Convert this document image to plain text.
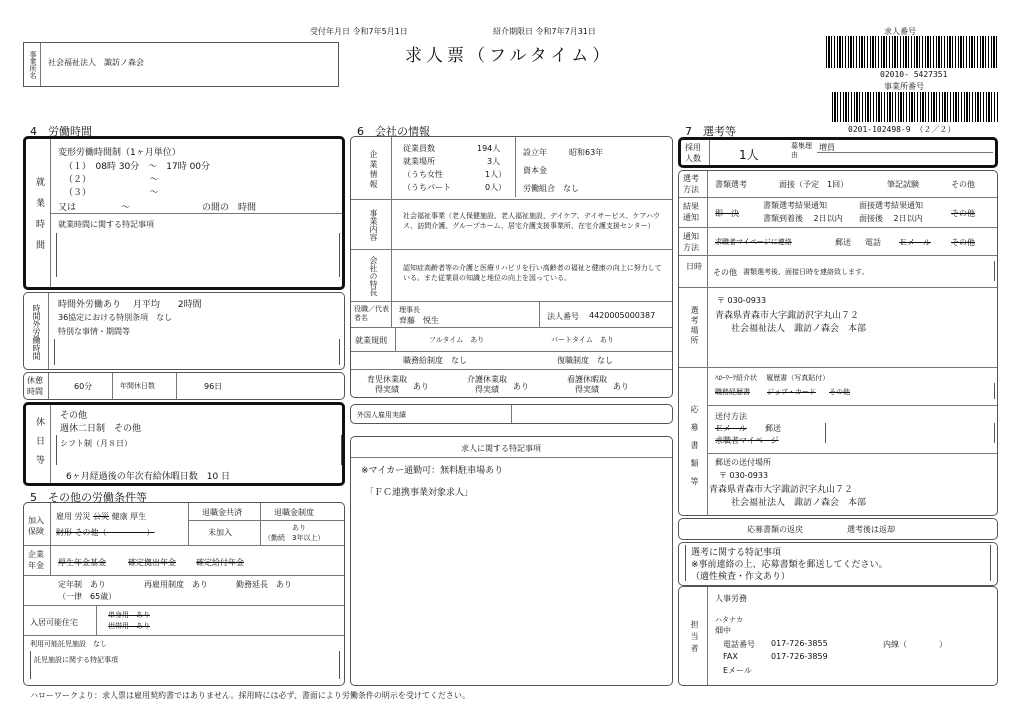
受付年月日 令和7年5月1日	紹介期限日 令和7年7月31日
求人票（フルタイム）
求人番号
02010- 5427351
事業所番号
0201-102498-9 （２／２）
事業所名 社会福祉法人　諏訪ノ森会
4　労働時間
就業時間
変形労働時間制（1ヶ月単位）
（１）　08時 30分　～　17時 00分
（２）　　　　　　　～
（３）　　　　　　　～
又は　　　　　～　　　　　　　　の間の　時間
就業時間に関する特記事項
時間外労働時間 時間外労働あり　 月平均　　2時間
36協定における特別条項　なし
特別な事情・期間等
休憩時間
60分	年間休日数	96日
休日等
その他
週休二日制　その他
シフト制（月８日）
6ヶ月経過後の年次有給休暇日数　10 日
5　その他の労働条件等
加入保険
雇用 労災 公災 健康 厚生
財形 その他（　　　　　）
退職金共済
未加入
退職金制度
あり
（勤続　3年以上）
企業年金	厚生年金基金	確定拠出年金	確定給付年金
定年制　あり
（一律　65歳）
再雇用制度　あり	勤務延長　あり
入居可能住宅
単身用　あり
世帯用　あり
利用可能託児施設　なし
託児施設に関する特記事項
6　会社の情報
企業情報
従業員数	194人
就業場所	3人
（うち女性	1人）
（うちパート	0人）
設立年	昭和63年
資本金
労働組合　なし
事業内容	社会福祉事業（老人保健施設、老人福祉施設、デイケア、デイサービス、ケアハウス、訪問介護、グループホーム、居宅介護支援事業所、在宅介護支援センター）
会社の特長	認知症高齢者等の介護と医療リハビリを行い高齢者の福祉と健康の向上に努力している。また従業員の知識と地位の向上を図っている。
役職／代表者名
理事長
齊藤　悦生	法人番号 4420005000387
就業規則	フルタイム　あり	パートタイム　あり
職務給制度　なし	復職制度　なし
育児休業取得実績	あり
介護休業取得実績	あり
看護休暇取得実績	あり
外国人雇用実績
求人に関する特記事項
※マイカー通勤可：無料駐車場あり
「ＦＣ連携事業対象求人」
7　選考等
採用人数	1人
募集理由
増員
選考方法
書類選考	面接（予定　1回）	筆記試験	その他
結果通知	即　決
書類選考結果通知	面接選考結果通知
書類到着後　 2日以内 面接後　 2日以内
その他
通知方法
求職者マイページに連絡	郵送 電話 Ｅメール	その他
日時
その他 書類選考後、面接日時を連絡致します。
選考場所
〒 030-0933
青森県青森市大字諏訪沢字丸山７２
社会福祉法人　諏訪ノ森会　本部
応募書類等
ﾊﾛｰﾜｰｸ紹介状　 履歴書（写真貼付）
職務経歴書 ジョブ・カード その他
送付方法
Ｅメール 郵送
求職者マイページ
郵送の送付場所
〒 030-0933
青森県青森市大字諏訪沢字丸山７２
社会福祉法人　諏訪ノ森会　本部
応募書類の返戻	選考後は返却
選考に関する特記事項
※事前連絡の上、応募書類を郵送してください。
（適性検査・作文あり）
担当者
人事労務
ハタナカ
畑中
電話番号 017-726-3855	内線（　　　　）
FAX	017-726-3859
Eメール
ハローワークより：求人票は雇用契約書ではありません。採用時には必ず、書面により労働条件の明示を受けてください。
